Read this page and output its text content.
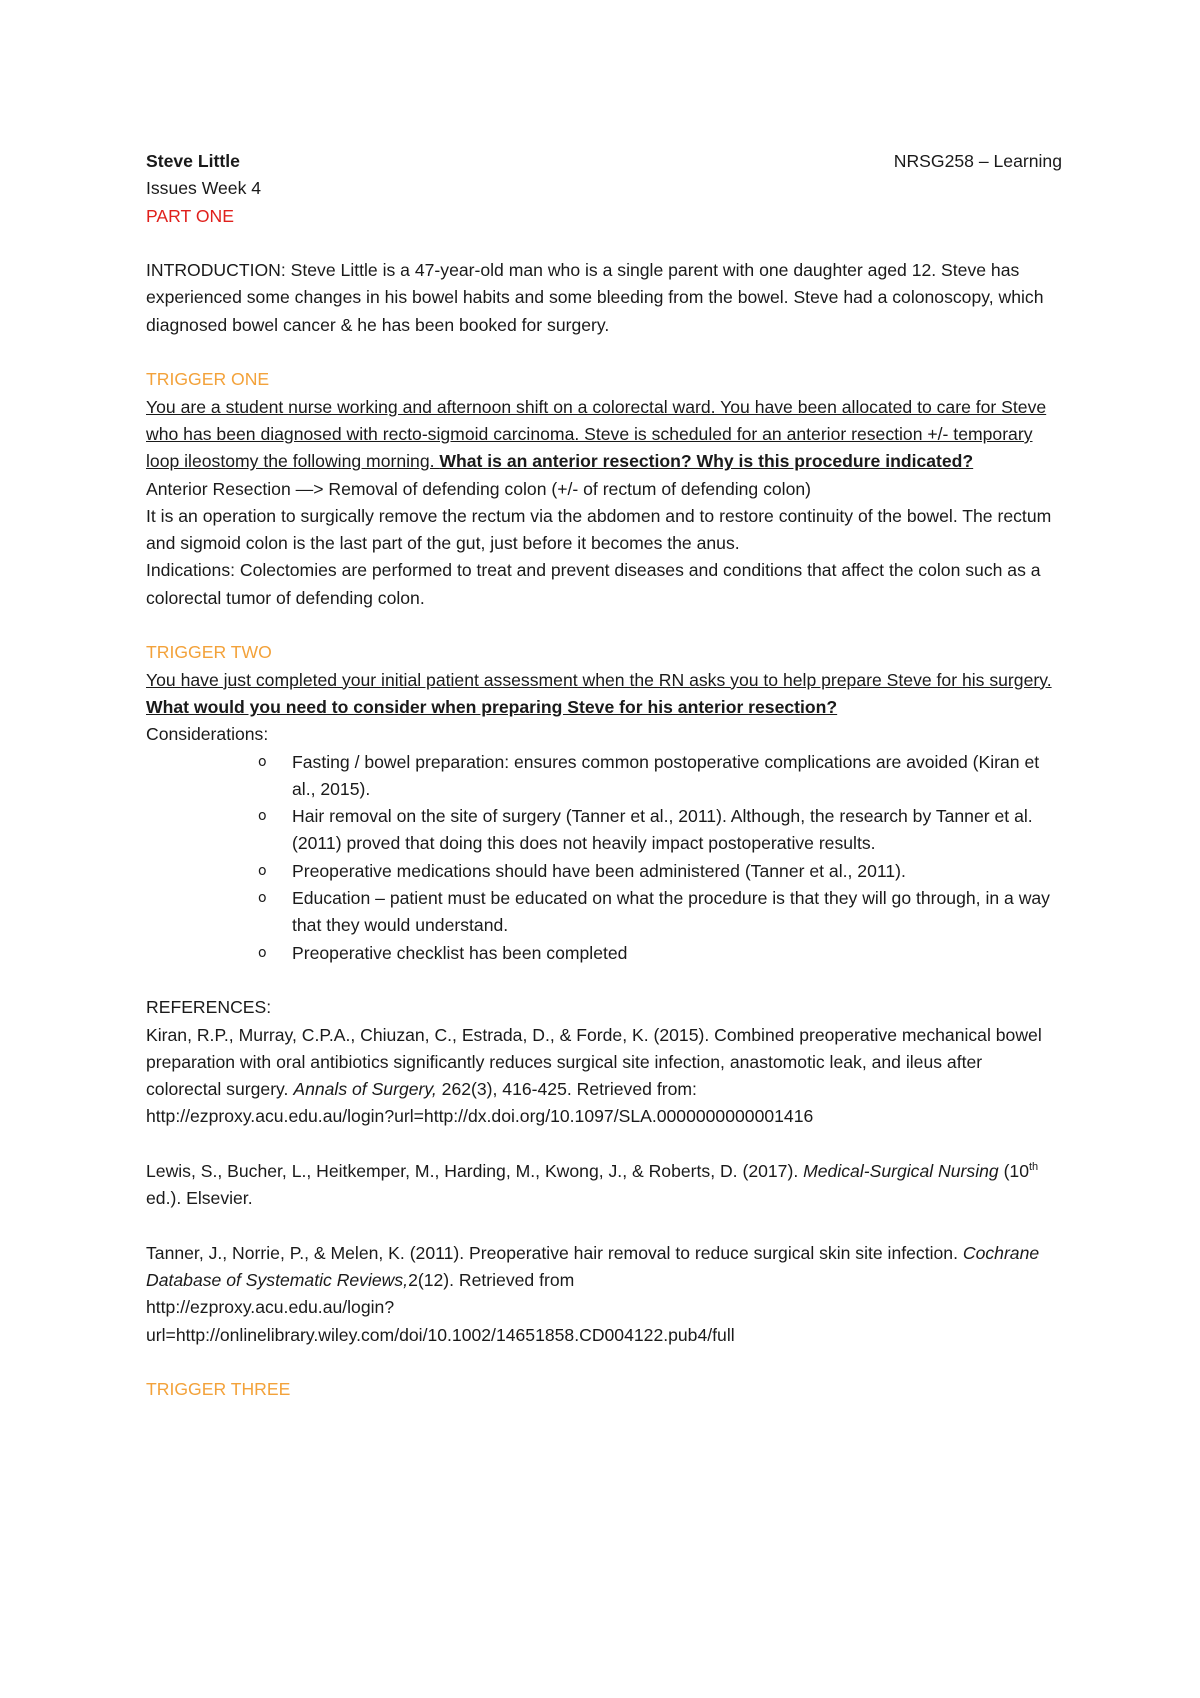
Steve Little	NRSG258 – Learning

Issues Week 4

PART ONE

INTRODUCTION: Steve Little is a 47-year-old man who is a single parent with one daughter aged 12. Steve has experienced some changes in his bowel habits and some bleeding from the bowel. Steve had a colonoscopy, which diagnosed bowel cancer & he has been booked for surgery.

TRIGGER ONE

You are a student nurse working and afternoon shift on a colorectal ward. You have been allocated to care for Steve who has been diagnosed with recto-sigmoid carcinoma. Steve is scheduled for an anterior resection +/- temporary loop ileostomy the following morning. What is an anterior resection? Why is this procedure indicated?

Anterior Resection —> Removal of defending colon (+/- of rectum of defending colon)

It is an operation to surgically remove the rectum via the abdomen and to restore continuity of the bowel. The rectum and sigmoid colon is the last part of the gut, just before it becomes the anus.

Indications: Colectomies are performed to treat and prevent diseases and conditions that affect the colon such as a colorectal tumor of defending colon.

TRIGGER TWO

You have just completed your initial patient assessment when the RN asks you to help prepare Steve for his surgery. What would you need to consider when preparing Steve for his anterior resection?

Considerations:

o Fasting / bowel preparation: ensures common postoperative complications are avoided (Kiran et al., 2015).
o Hair removal on the site of surgery (Tanner et al., 2011). Although, the research by Tanner et al. (2011) proved that doing this does not heavily impact postoperative results.
o Preoperative medications should have been administered (Tanner et al., 2011).
o Education – patient must be educated on what the procedure is that they will go through, in a way that they would understand.
o Preoperative checklist has been completed

REFERENCES:

Kiran, R.P., Murray, C.P.A., Chiuzan, C., Estrada, D., & Forde, K. (2015). Combined preoperative mechanical bowel preparation with oral antibiotics significantly reduces surgical site infection, anastomotic leak, and ileus after colorectal surgery. Annals of Surgery, 262(3), 416-425. Retrieved from:

http://ezproxy.acu.edu.au/login?url=http://dx.doi.org/10.1097/SLA.0000000000001416

Lewis, S., Bucher, L., Heitkemper, M., Harding, M., Kwong, J., & Roberts, D. (2017). Medical-Surgical Nursing (10th ed.). Elsevier.

Tanner, J., Norrie, P., & Melen, K. (2011). Preoperative hair removal to reduce surgical skin site infection. Cochrane Database of Systematic Reviews,2(12). Retrieved from

http://ezproxy.acu.edu.au/login?

url=http://onlinelibrary.wiley.com/doi/10.1002/14651858.CD004122.pub4/full

TRIGGER THREE
